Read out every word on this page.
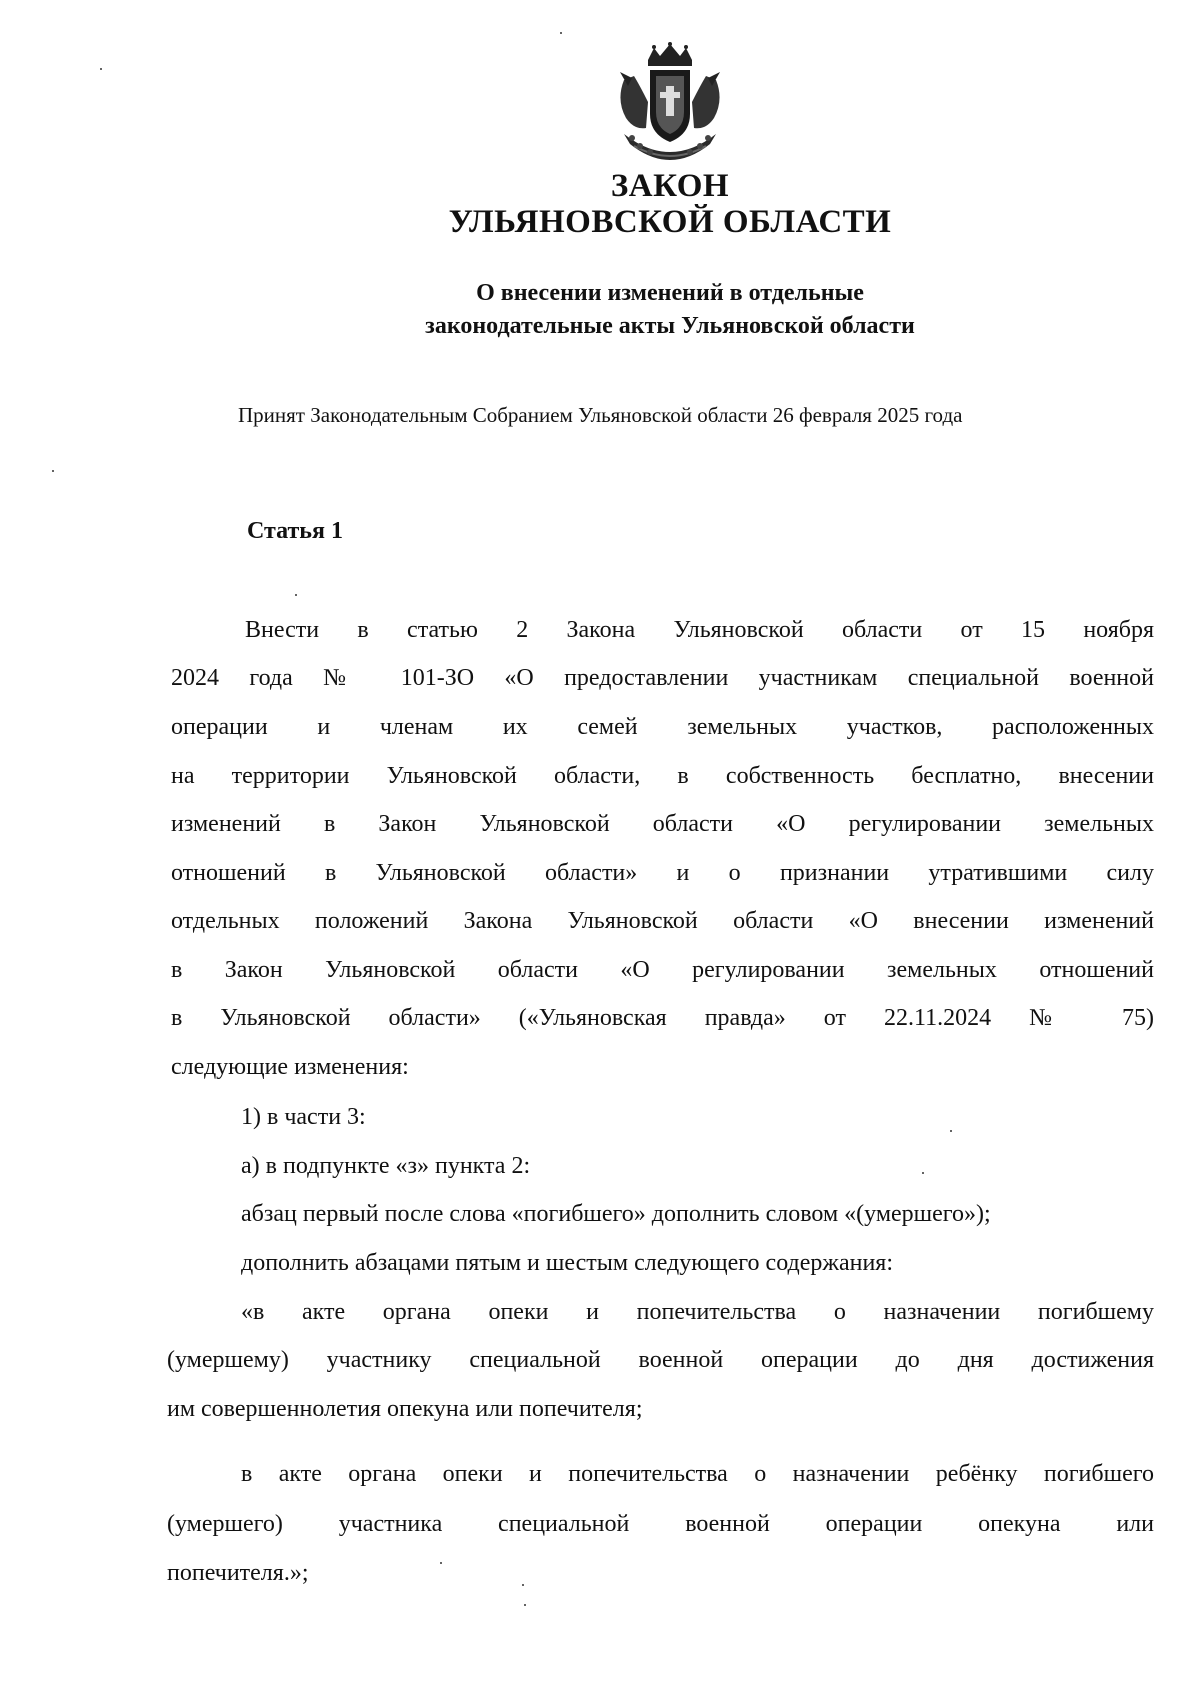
ЗАКОН
УЛЬЯНОВСКОЙ ОБЛАСТИ
О внесении изменений в отдельные
законодательные акты Ульяновской области
Принят Законодательным Собранием Ульяновской области 26 февраля 2025 года
Статья 1
Внести в статью 2 Закона Ульяновской области от 15 ноября
2024 года № 101-ЗО «О предоставлении участникам специальной военной
операции и членам их семей земельных участков, расположенных
на территории Ульяновской области, в собственность бесплатно, внесении
изменений в Закон Ульяновской области «О регулировании земельных
отношений в Ульяновской области» и о признании утратившими силу
отдельных положений Закона Ульяновской области «О внесении изменений
в Закон Ульяновской области «О регулировании земельных отношений
в Ульяновской области» («Ульяновская правда» от 22.11.2024 № 75)
следующие изменения:
1) в части 3:
а) в подпункте «з» пункта 2:
абзац первый после слова «погибшего» дополнить словом «(умершего»);
дополнить абзацами пятым и шестым следующего содержания:
«в акте органа опеки и попечительства о назначении погибшему
(умершему) участнику специальной военной операции до дня достижения
им совершеннолетия опекуна или попечителя;
в акте органа опеки и попечительства о назначении ребёнку погибшего
(умершего) участника специальной военной операции опекуна или
попечителя.»;
